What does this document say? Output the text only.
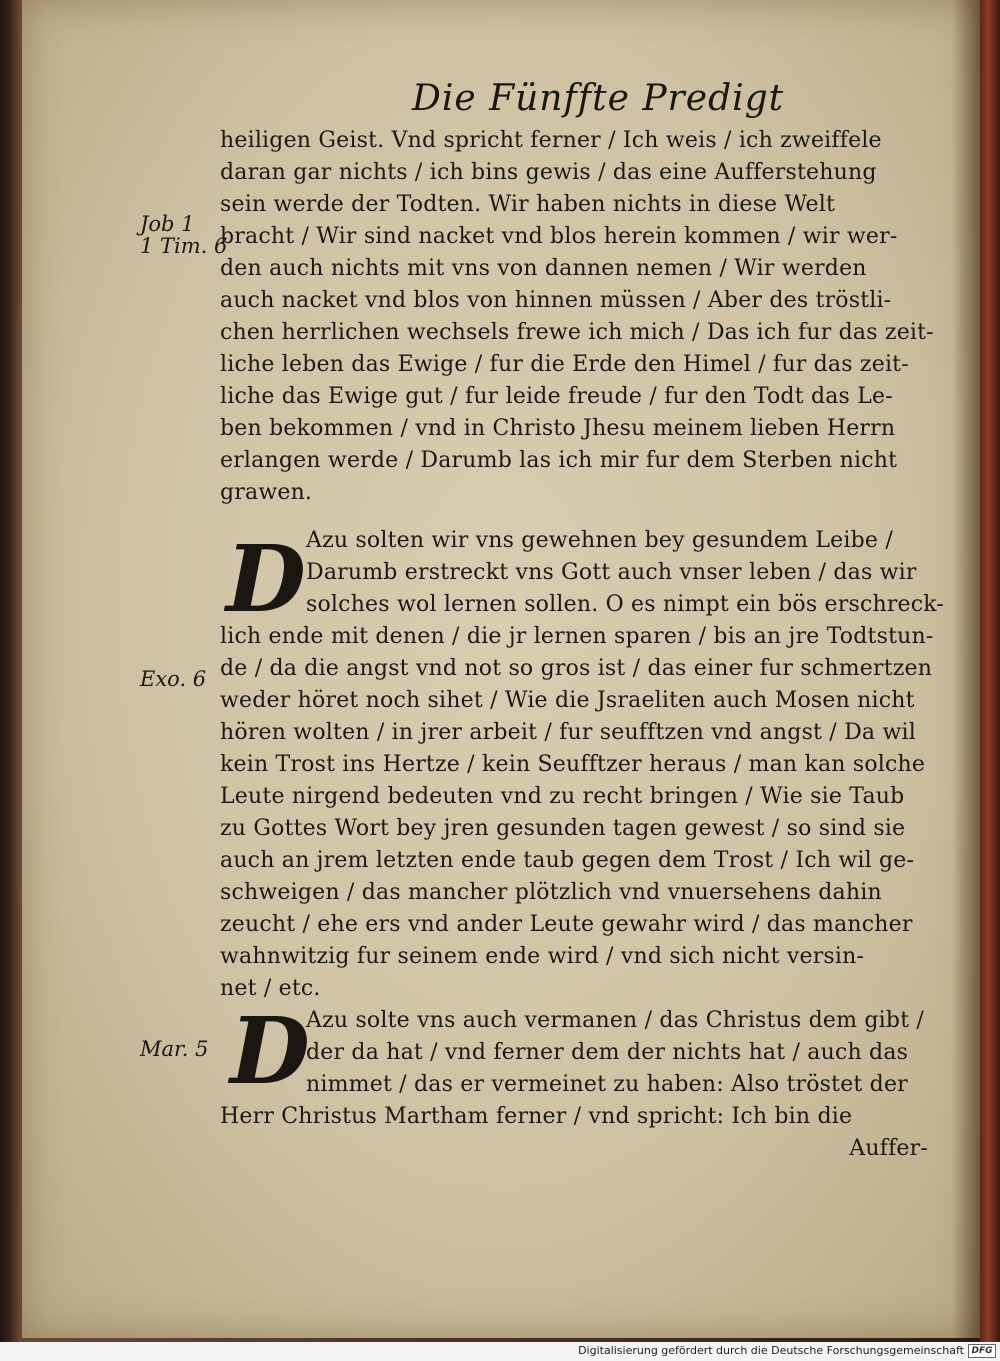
Die Fünffte Predigt
Job 1
1 Tim. 6
Exo. 6
Mar. 5
heiligen Geist. Vnd spricht ferner / Ich weis / ich zweiffele
daran gar nichts / ich bins gewis / das eine Aufferstehung
sein werde der Todten. Wir haben nichts in diese Welt
bracht / Wir sind nacket vnd blos herein kommen / wir wer-
den auch nichts mit vns von dannen nemen / Wir werden
auch nacket vnd blos von hinnen müssen / Aber des tröstli-
chen herrlichen wechsels frewe ich mich / Das ich fur das zeit-
liche leben das Ewige / fur die Erde den Himel / fur das zeit-
liche das Ewige gut / fur leide freude / fur den Todt das Le-
ben bekommen / vnd in Christo Jhesu meinem lieben Herrn
erlangen werde / Darumb las ich mir fur dem Sterben nicht
grawen.
D Azu solten wir vns gewehnen bey gesundem Leibe /
Darumb erstreckt vns Gott auch vnser leben / das wir
solches wol lernen sollen. O es nimpt ein bös erschreck-
lich ende mit denen / die jr lernen sparen / bis an jre Todtstun-
de / da die angst vnd not so gros ist / das einer fur schmertzen
weder höret noch sihet / Wie die Jsraeliten auch Mosen nicht
hören wolten / in jrer arbeit / fur seufftzen vnd angst / Da wil
kein Trost ins Hertze / kein Seufftzer heraus / man kan solche
Leute nirgend bedeuten vnd zu recht bringen / Wie sie Taub
zu Gottes Wort bey jren gesunden tagen gewest / so sind sie
auch an jrem letzten ende taub gegen dem Trost / Ich wil ge-
schweigen / das mancher plötzlich vnd vnuersehens dahin
zeucht / ehe ers vnd ander Leute gewahr wird / das mancher
wahnwitzig fur seinem ende wird / vnd sich nicht versin-
net / etc.
D
Azu solte vns auch vermanen / das Christus dem gibt /
der da hat / vnd ferner dem der nichts hat / auch das
nimmet / das er vermeinet zu haben: Also tröstet der
Herr Christus Martham ferner / vnd spricht: Ich bin die
Auffer-
Digitalisierung gefördert durch die Deutsche Forschungsgemeinschaft DFG
